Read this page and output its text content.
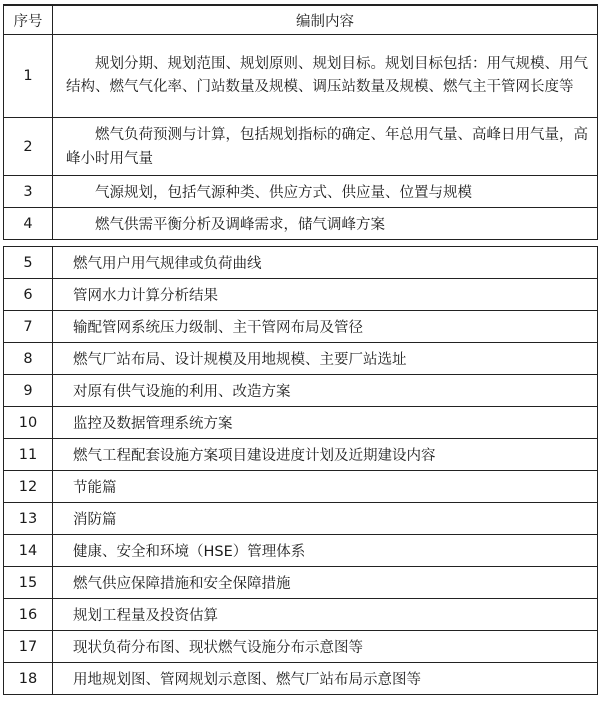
序号	编制内容
1	规划分期、规划范围、规划原则、规划目标。规划目标包括：用气规模、用气结构、燃气气化率、门站数量及规模、调压站数量及规模、燃气主干管网长度等
2	燃气负荷预测与计算，包括规划指标的确定、年总用气量、高峰日用气量，高峰小时用气量
3	气源规划，包括气源种类、供应方式、供应量、位置与规模
4	燃气供需平衡分析及调峰需求，储气调峰方案
5	燃气用户用气规律或负荷曲线
6	管网水力计算分析结果
7	输配管网系统压力级制、主干管网布局及管径
8	燃气厂站布局、设计规模及用地规模、主要厂站选址
9	对原有供气设施的利用、改造方案
10	监控及数据管理系统方案
11	燃气工程配套设施方案项目建设进度计划及近期建设内容
12	节能篇
13	消防篇
14	健康、安全和环境（HSE）管理体系
15	燃气供应保障措施和安全保障措施
16	规划工程量及投资估算
17	现状负荷分布图、现状燃气设施分布示意图等
18	用地规划图、管网规划示意图、燃气厂站布局示意图等
